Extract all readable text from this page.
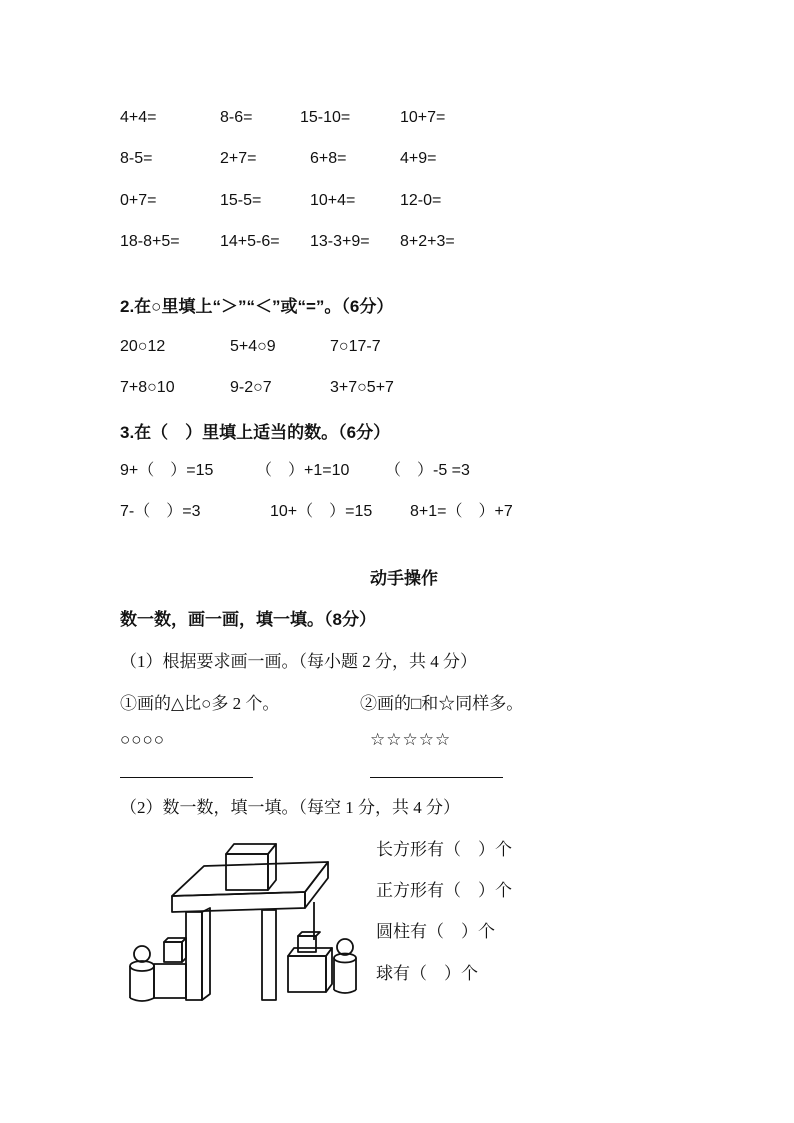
4+4=	8-6=	15-10=	10+7=
8-5=	2+7=	6+8=	4+9=
0+7=	15-5=	10+4=	12-0=
18-8+5=	14+5-6= 13-3+9= 8+2+3=
2.在○里填上“＞”“＜”或“=”。（6分）
20○12	5+4○9	7○17-7
7+8○10	9-2○7	3+7○5+7
3.在（　）里填上适当的数。（6分）
9+（　）=15	（　）+1=10 （　）-5 =3
7-（　）=3	10+（　）=15 8+1=（　）+7
动手操作
数一数，画一画，填一填。（8分）
（1）根据要求画一画。（每小题 2 分，共 4 分）
①画的△比○多 2 个。	②画的□和☆同样多。
○○○○	☆☆☆☆☆
（2）数一数，填一填。（每空 1 分，共 4 分）
长方形有（　）个
正方形有（　）个
圆柱有（　）个
球有（　）个
